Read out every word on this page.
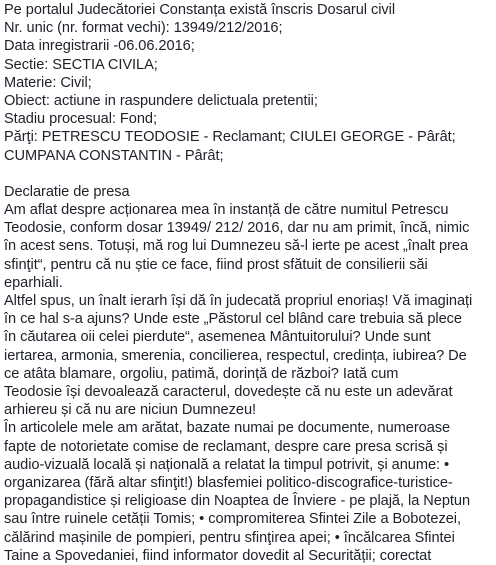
Pe portalul Judecătoriei Constanța există înscris Dosarul civil
Nr. unic (nr. format vechi): 13949/212/2016;
Data inregistrarii -06.06.2016;
Sectie: SECTIA CIVILA;
Materie: Civil;
Obiect: actiune in raspundere delictuala pretentii;
Stadiu procesual: Fond;
Părţi: PETRESCU TEODOSIE - Reclamant; CIULEI GEORGE - Pârât;
CUMPANA CONSTANTIN - Pârât;
Declaratie de presa
Am aflat despre acționarea mea în instanță de către numitul Petrescu
Teodosie, conform dosar 13949/ 212/ 2016, dar nu am primit, încă, nimic
în acest sens. Totuși, mă rog lui Dumnezeu să-l ierte pe acest „înalt prea
sfinţit“, pentru că nu știe ce face, fiind prost sfătuit de consilierii săi
eparhiali.
Altfel spus, un înalt ierarh își dă în judecată propriul enoriaș! Vă imaginați
în ce hal s-a ajuns? Unde este „Păstorul cel blând care trebuia să plece
în căutarea oii celei pierdute“, asemenea Mântuitorului? Unde sunt
iertarea, armonia, smerenia, concilierea, respectul, credința, iubirea? De
ce atâta blamare, orgoliu, patimă, dorință de război? Iată cum
Teodosie își devoalează caracterul, dovedește că nu este un adevărat
arhiereu și că nu are niciun Dumnezeu!
În articolele mele am arătat, bazate numai pe documente, numeroase
fapte de notorietate comise de reclamant, despre care presa scrisă și
audio-vizuală locală și națională a relatat la timpul potrivit, și anume: •
organizarea (fără altar sfinţit!) blasfemiei politico-discografice-turistice-
propagandistice și religioase din Noaptea de Înviere - pe plajă, la Neptun
sau între ruinele cetății Tomis; • compromiterea Sfintei Zile a Bobotezei,
călărind mașinile de pompieri, pentru sfinţirea apei; • încălcarea Sfintei
Taine a Spovedaniei, fiind informator dovedit al Securității; corectat
